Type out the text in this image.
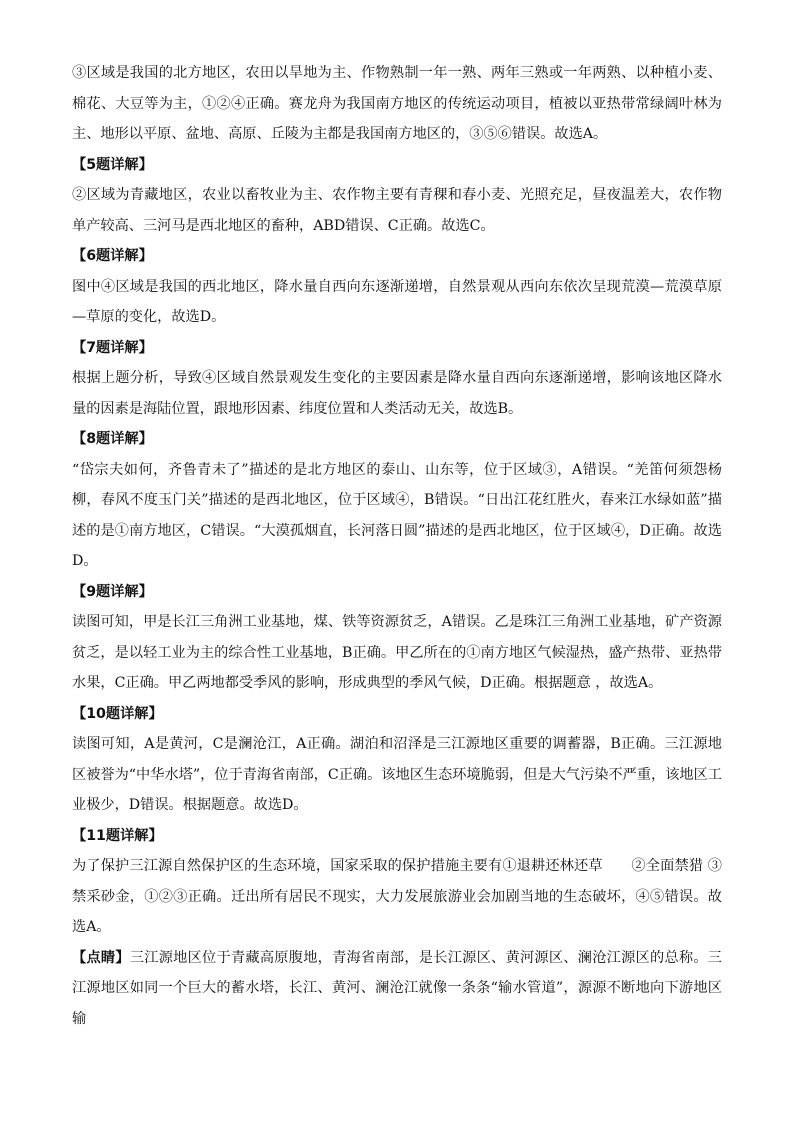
③区域是我国的北方地区，农田以旱地为主、作物熟制一年一熟、两年三熟或一年两熟、以种植小麦、棉花、大豆等为主，①②④正确。赛龙舟为我国南方地区的传统运动项目，植被以亚热带常绿阔叶林为主、地形以平原、盆地、高原、丘陵为主都是我国南方地区的，③⑤⑥错误。故选A。

【5题详解】

②区域为青藏地区，农业以畜牧业为主、农作物主要有青稞和春小麦、光照充足，昼夜温差大，农作物单产较高、三河马是西北地区的畜种，ABD错误、C正确。故选C。

【6题详解】

图中④区域是我国的西北地区，降水量自西向东逐渐递增，自然景观从西向东依次呈现荒漠—荒漠草原—草原的变化，故选D。

【7题详解】

根据上题分析，导致④区域自然景观发生变化的主要因素是降水量自西向东逐渐递增，影响该地区降水量的因素是海陆位置，跟地形因素、纬度位置和人类活动无关，故选B。

【8题详解】

“岱宗夫如何，齐鲁青未了”描述的是北方地区的泰山、山东等，位于区域③，A错误。“羌笛何须怨杨柳，春风不度玉门关”描述的是西北地区，位于区域④，B错误。“日出江花红胜火，春来江水绿如蓝”描述的是①南方地区，C错误。“大漠孤烟直，长河落日圆”描述的是西北地区，位于区域④，D正确。故选D。

【9题详解】

读图可知，甲是长江三角洲工业基地，煤、铁等资源贫乏，A错误。乙是珠江三角洲工业基地，矿产资源贫乏，是以轻工业为主的综合性工业基地，B正确。甲乙所在的①南方地区气候湿热，盛产热带、亚热带水果，C正确。甲乙两地都受季风的影响，形成典型的季风气候，D正确。根据题意 ，故选A。

【10题详解】

读图可知，A是黄河，C是澜沧江，A正确。湖泊和沼泽是三江源地区重要的调蓄器，B正确。三江源地区被誉为“中华水塔”，位于青海省南部，C正确。该地区生态环境脆弱，但是大气污染不严重，该地区工业极少，D错误。根据题意。故选D。

【11题详解】

为了保护三江源自然保护区的生态环境，国家采取的保护措施主要有①退耕还林还草　　②全面禁猎 ③禁采砂金，①②③正确。迁出所有居民不现实，大力发展旅游业会加剧当地的生态破坏，④⑤错误。故选A。

【点睛】三江源地区位于青藏高原腹地，青海省南部，是长江源区、黄河源区、澜沧江源区的总称。三江源地区如同一个巨大的蓄水塔，长江、黄河、澜沧江就像一条条“输水管道”，源源不断地向下游地区输
